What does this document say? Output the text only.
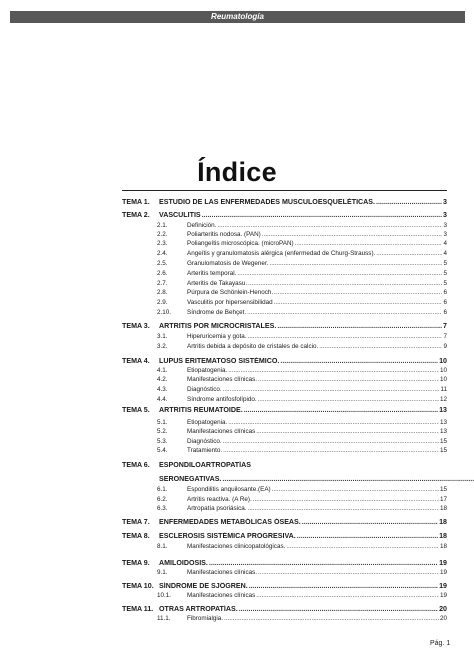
Reumatología
Índice
TEMA 1.	ESTUDIO DE LAS ENFERMEDADES MUSCULOESQUELÉTICAS. .....	3
TEMA 2.	VASCULITIS .....	3
2.1.	Definición. .....	3
2.2.	Poliarteritis nodosa. (PAN) .....	3
2.3.	Poliangeítis microscópica. (microPAN) .....	4
2.4.	Angeítis y granulomatosis alérgica (enfermedad de Churg-Strauss). .....	4
2.5.	Granulomatosis de Wegener. .....	5
2.6.	Arteritis temporal. .....	5
2.7.	Arteritis de Takayasu. .....	5
2.8.	Púrpura de Schönlein-Henoch. .....	6
2.9.	Vasculitis por hipersensibilidad .....	6
2.10.	Síndrome de Behçet. .....	6
TEMA 3.	ARTRITIS POR MICROCRISTALES. .....	7
3.1.	Hiperuricemia y gota. .....	7
3.2.	Artritis debida a depósito de cristales de calcio. .....	9
TEMA 4.	LUPUS ERITEMATOSO SISTÉMICO. .....	10
4.1.	Etiopatogenia. .....	10
4.2.	Manifestaciones clínicas. .....	10
4.3.	Diagnóstico. .....	11
4.4.	Síndrome antifosfolípido. .....	12
TEMA 5.	ARTRITIS REUMATOIDE. .....	13
5.1.	Etiopatogenia. .....	13
5.2.	Manifestaciones clínicas .....	13
5.3.	Diagnóstico. .....	15
5.4.	Tratamiento. .....	15
TEMA 6.	ESPONDILOARTROPATÍAS
SERONEGATIVAS.
.....
6.1.	Espondilitis anquilosante.(EA) .....	15
6.2.	Artritis reactiva. (A Re). .....	17
6.3.	Artropatía psoriásica. .....	18
TEMA 7.	ENFERMEDADES METABÓLICAS ÓSEAS. .....	18
TEMA 8.	ESCLEROSIS SISTÉMICA PROGRESIVA. .....	18
8.1.	Manifestaciones clinicopatológicas. .....	18
TEMA 9.	AMILOIDOSIS. .....	19
9.1.	Manifestaciones clínicas. .....	19
TEMA 10. SÍNDROME DE SJÖGREN. .....	19
10.1.	Manifestaciones clínicas .....	19
TEMA 11. OTRAS ARTROPATÍAS. .....	20
11.1.	Fibromialgia. .....	20
Pág. 1
